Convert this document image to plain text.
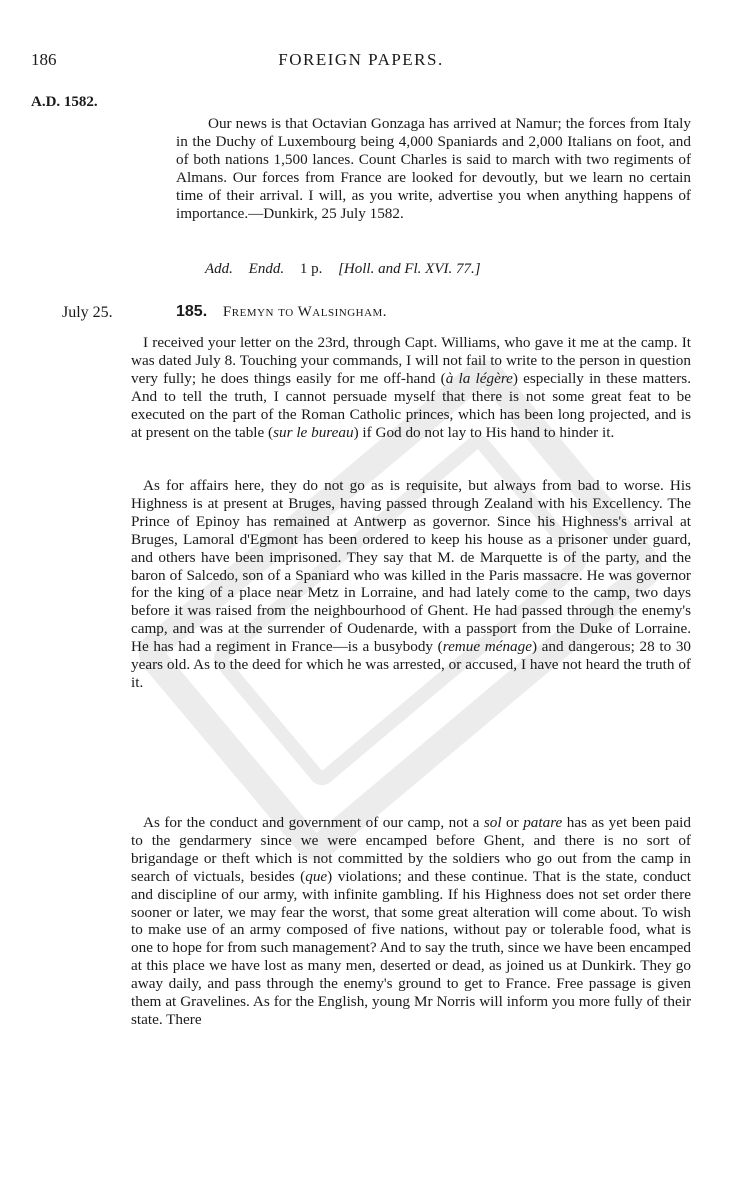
186	FOREIGN PAPERS.
A.D. 1582.

Our news is that Octavian Gonzaga has arrived at Namur; the forces from Italy in the Duchy of Luxembourg being 4,000 Spaniards and 2,000 Italians on foot, and of both nations 1,500 lances. Count Charles is said to march with two regiments of Almans. Our forces from France are looked for devoutly, but we learn no certain time of their arrival. I will, as you write, advertise you when anything happens of importance.—Dunkirk, 25 July 1582.

Add. Endd. 1 p. [Holl. and Fl. XVI. 77.]
July 25.	185. Fremyn to Walsingham.

I received your letter on the 23rd, through Capt. Williams, who gave it me at the camp. It was dated July 8. Touching your commands, I will not fail to write to the person in question very fully; he does things easily for me off-hand (à la légère) especially in these matters. And to tell the truth, I cannot persuade myself that there is not some great feat to be executed on the part of the Roman Catholic princes, which has been long projected, and is at present on the table (sur le bureau) if God do not lay to His hand to hinder it.

As for affairs here, they do not go as is requisite, but always from bad to worse. His Highness is at present at Bruges, having passed through Zealand with his Excellency. The Prince of Epinoy has remained at Antwerp as governor. Since his Highness's arrival at Bruges, Lamoral d'Egmont has been ordered to keep his house as a prisoner under guard, and others have been imprisoned. They say that M. de Marquette is of the party, and the baron of Salcedo, son of a Spaniard who was killed in the Paris massacre. He was governor for the king of a place near Metz in Lorraine, and had lately come to the camp, two days before it was raised from the neighbourhood of Ghent. He had passed through the enemy's camp, and was at the surrender of Oudenarde, with a passport from the Duke of Lorraine. He has had a regiment in France—is a busybody (remue ménage) and dangerous; 28 to 30 years old. As to the deed for which he was arrested, or accused, I have not heard the truth of it.

As for the conduct and government of our camp, not a sol or patare has as yet been paid to the gendarmery since we were encamped before Ghent, and there is no sort of brigandage or theft which is not committed by the soldiers who go out from the camp in search of victuals, besides (que) violations; and these continue. That is the state, conduct and discipline of our army, with infinite gambling. If his Highness does not set order there sooner or later, we may fear the worst, that some great alteration will come about. To wish to make use of an army composed of five nations, without pay or tolerable food, what is one to hope for from such management? And to say the truth, since we have been encamped at this place we have lost as many men, deserted or dead, as joined us at Dunkirk. They go away daily, and pass through the enemy's ground to get to France. Free passage is given them at Gravelines. As for the English, young Mr Norris will inform you more fully of their state. There
